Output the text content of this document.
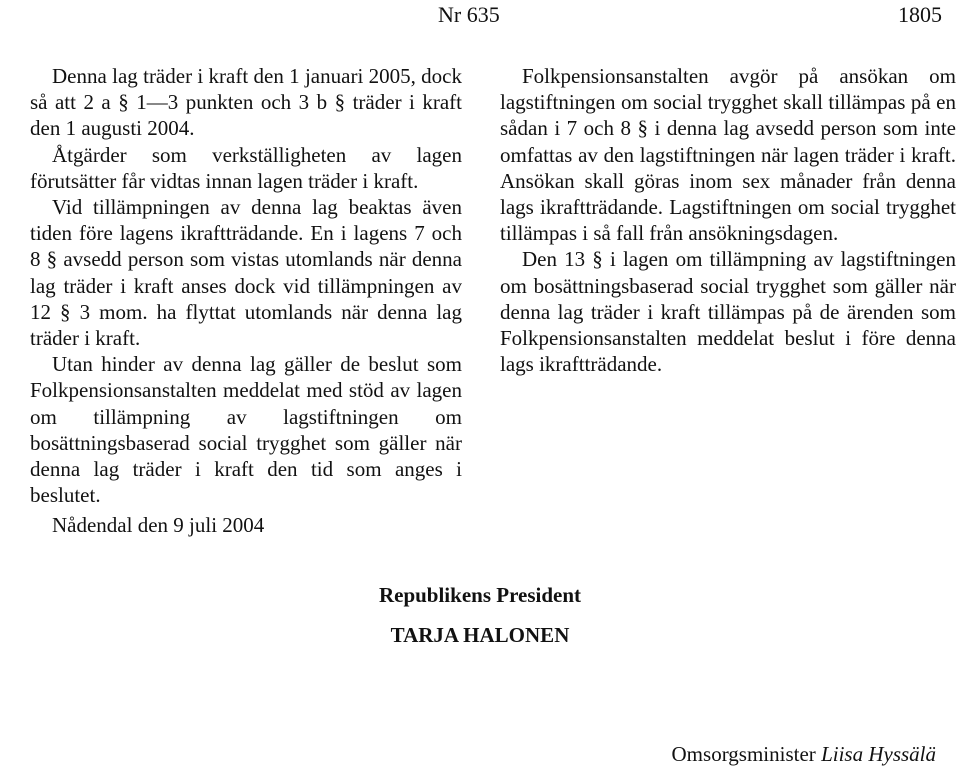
Nr 635	1805

Denna lag träder i kraft den 1 januari 2005, dock så att 2 a § 1—3 punkten och 3 b § träder i kraft den 1 augusti 2004.

Åtgärder som verkställigheten av lagen förutsätter får vidtas innan lagen träder i kraft.

Vid tillämpningen av denna lag beaktas även tiden före lagens ikraftträdande. En i lagens 7 och 8 § avsedd person som vistas utomlands när denna lag träder i kraft anses dock vid tillämpningen av 12 § 3 mom. ha flyttat utomlands när denna lag träder i kraft.

Utan hinder av denna lag gäller de beslut som Folkpensionsanstalten meddelat med stöd av lagen om tillämpning av lagstiftningen om bosättningsbaserad social trygghet som gäller när denna lag träder i kraft den tid som anges i beslutet.

Folkpensionsanstalten avgör på ansökan om lagstiftningen om social trygghet skall tillämpas på en sådan i 7 och 8 § i denna lag avsedd person som inte omfattas av den lagstiftningen när lagen träder i kraft. Ansökan skall göras inom sex månader från denna lags ikraftträdande. Lagstiftningen om social trygghet tillämpas i så fall från ansökningsdagen.

Den 13 § i lagen om tillämpning av lagstiftningen om bosättningsbaserad social trygghet som gäller när denna lag träder i kraft tillämpas på de ärenden som Folkpensionsanstalten meddelat beslut i före denna lags ikraftträdande.

Nådendal den 9 juli 2004
Republikens President
TARJA HALONEN
Omsorgsminister Liisa Hyssälä
